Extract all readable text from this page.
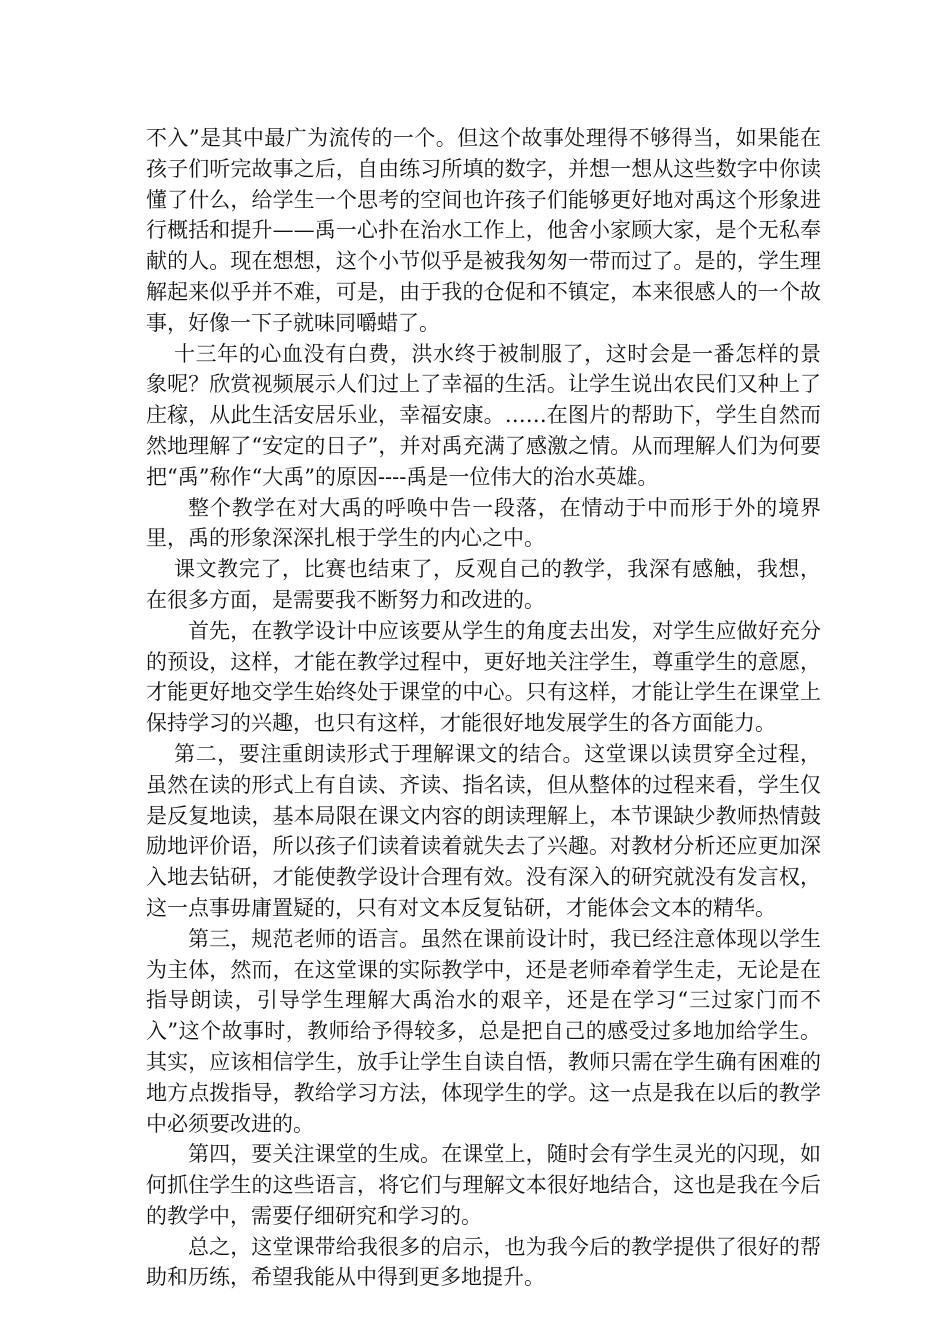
不入”是其中最广为流传的一个。但这个故事处理得不够得当，如果能在孩子们听完故事之后，自由练习所填的数字，并想一想从这些数字中你读懂了什么，给学生一个思考的空间也许孩子们能够更好地对禹这个形象进行概括和提升——禹一心扑在治水工作上，他舍小家顾大家，是个无私奉献的人。现在想想，这个小节似乎是被我匆匆一带而过了。是的，学生理解起来似乎并不难，可是，由于我的仓促和不镇定，本来很感人的一个故事，好像一下子就味同嚼蜡了。

十三年的心血没有白费，洪水终于被制服了，这时会是一番怎样的景象呢？欣赏视频展示人们过上了幸福的生活。让学生说出农民们又种上了庄稼，从此生活安居乐业，幸福安康。……在图片的帮助下，学生自然而然地理解了“安定的日子”，并对禹充满了感激之情。从而理解人们为何要把“禹”称作“大禹”的原因----禹是一位伟大的治水英雄。

整个教学在对大禹的呼唤中告一段落，在情动于中而形于外的境界里，禹的形象深深扎根于学生的内心之中。

课文教完了，比赛也结束了，反观自己的教学，我深有感触，我想，在很多方面，是需要我不断努力和改进的。

首先，在教学设计中应该要从学生的角度去出发，对学生应做好充分的预设，这样，才能在教学过程中，更好地关注学生，尊重学生的意愿，才能更好地交学生始终处于课堂的中心。只有这样，才能让学生在课堂上保持学习的兴趣，也只有这样，才能很好地发展学生的各方面能力。

第二，要注重朗读形式于理解课文的结合。这堂课以读贯穿全过程，虽然在读的形式上有自读、齐读、指名读，但从整体的过程来看，学生仅是反复地读，基本局限在课文内容的朗读理解上，本节课缺少教师热情鼓励地评价语，所以孩子们读着读着就失去了兴趣。对教材分析还应更加深入地去钻研，才能使教学设计合理有效。没有深入的研究就没有发言权，这一点事毋庸置疑的，只有对文本反复钻研，才能体会文本的精华。

第三，规范老师的语言。虽然在课前设计时，我已经注意体现以学生为主体，然而，在这堂课的实际教学中，还是老师牵着学生走，无论是在指导朗读，引导学生理解大禹治水的艰辛，还是在学习“三过家门而不入”这个故事时，教师给予得较多，总是把自己的感受过多地加给学生。其实，应该相信学生，放手让学生自读自悟，教师只需在学生确有困难的地方点拨指导，教给学习方法，体现学生的学。这一点是我在以后的教学中必须要改进的。

第四，要关注课堂的生成。在课堂上，随时会有学生灵光的闪现，如何抓住学生的这些语言，将它们与理解文本很好地结合，这也是我在今后的教学中，需要仔细研究和学习的。

总之，这堂课带给我很多的启示，也为我今后的教学提供了很好的帮助和历练，希望我能从中得到更多地提升。
